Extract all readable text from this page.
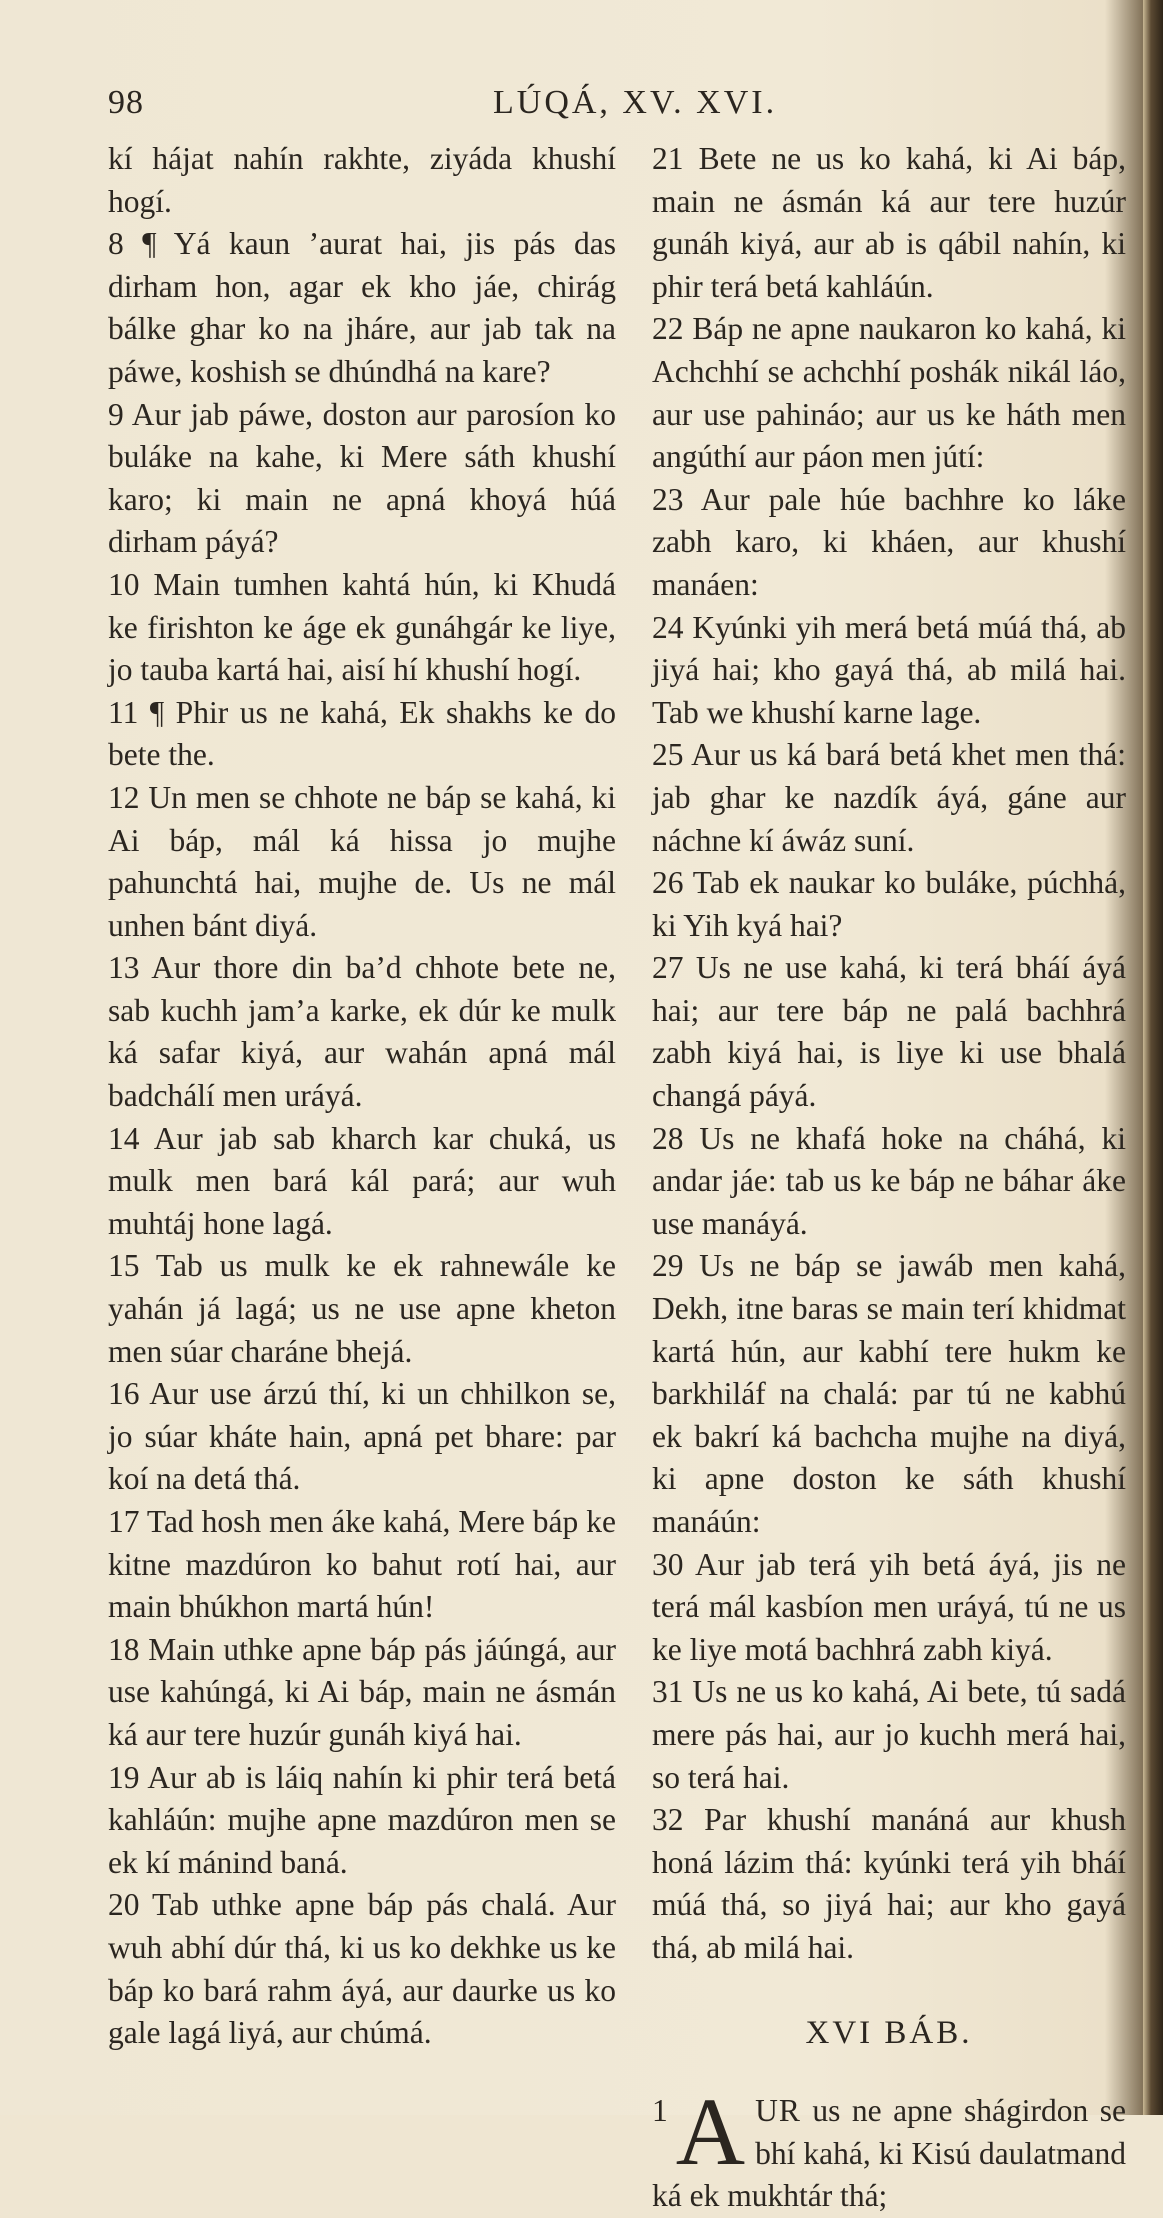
98	LÚQÁ, XV. XVI.

kí hájat nahín rakhte, ziyáda khushí hogí.

8 ¶ Yá kaun ’aurat hai, jis pás das dirham hon, agar ek kho jáe, chirág bálke ghar ko na jháre, aur jab tak na páwe, koshish se dhúndhá na kare?

9 Aur jab páwe, doston aur parosíon ko buláke na kahe, ki Mere sáth khushí karo; ki main ne apná khoyá húá dirham páyá?

10 Main tumhen kahtá hún, ki Khudá ke firishton ke áge ek gunáhgár ke liye, jo tauba kartá hai, aisí hí khushí hogí.

11 ¶ Phir us ne kahá, Ek shakhs ke do bete the.

12 Un men se chhote ne báp se kahá, ki Ai báp, mál ká hissa jo mujhe pahunchtá hai, mujhe de. Us ne mál unhen bánt diyá.

13 Aur thore din ba’d chhote bete ne, sab kuchh jam’a karke, ek dúr ke mulk ká safar kiyá, aur wahán apná mál badchálí men uráyá.

14 Aur jab sab kharch kar chuká, us mulk men bará kál pará; aur wuh muhtáj hone lagá.

15 Tab us mulk ke ek rahnewále ke yahán já lagá; us ne use apne kheton men súar charáne bhejá.

16 Aur use árzú thí, ki un chhilkon se, jo súar kháte hain, apná pet bhare: par koí na detá thá.

17 Tad hosh men áke kahá, Mere báp ke kitne mazdúron ko bahut rotí hai, aur main bhúkhon martá hún!

18 Main uthke apne báp pás jáúngá, aur use kahúngá, ki Ai báp, main ne ásmán ká aur tere huzúr gunáh kiyá hai.

19 Aur ab is láiq nahín ki phir terá betá kahláún: mujhe apne mazdúron men se ek kí mánind baná.

20 Tab uthke apne báp pás chalá. Aur wuh abhí dúr thá, ki us ko dekhke us ke báp ko bará rahm áyá, aur daurke us ko gale lagá liyá, aur chúmá.

21 Bete ne us ko kahá, ki Ai báp, main ne ásmán ká aur tere huzúr gunáh kiyá, aur ab is qábil nahín, ki phir terá betá kahláún.

22 Báp ne apne naukaron ko kahá, ki Achchhí se achchhí poshák nikál láo, aur use pahináo; aur us ke háth men angúthí aur páon men jútí:

23 Aur pale húe bachhre ko láke zabh karo, ki kháen, aur khushí manáen:

24 Kyúnki yih merá betá múá thá, ab jiyá hai; kho gayá thá, ab milá hai. Tab we khushí karne lage.

25 Aur us ká bará betá khet men thá: jab ghar ke nazdík áyá, gáne aur náchne kí áwáz suní.

26 Tab ek naukar ko buláke, púchhá, ki Yih kyá hai?

27 Us ne use kahá, ki terá bháí áyá hai; aur tere báp ne palá bachhrá zabh kiyá hai, is liye ki use bhalá changá páyá.

28 Us ne khafá hoke na cháhá, ki andar jáe: tab us ke báp ne báhar áke use manáyá.

29 Us ne báp se jawáb men kahá, Dekh, itne baras se main terí khidmat kartá hún, aur kabhí tere hukm ke barkhiláf na chalá: par tú ne kabhú ek bakrí ká bachcha mujhe na diyá, ki apne doston ke sáth khushí manáún:

30 Aur jab terá yih betá áyá, jis ne terá mál kasbíon men uráyá, tú ne us ke liye motá bachhrá zabh kiyá.

31 Us ne us ko kahá, Ai bete, tú sadá mere pás hai, aur jo kuchh merá hai, so terá hai.

32 Par khushí manáná aur khush honá lázim thá: kyúnki terá yih bháí múá thá, so jiyá hai; aur kho gayá thá, ab milá hai.

XVI BÁB.

1 A UR us ne apne shágirdon se bhí kahá, ki Kisú daulatmand ká ek mukhtár thá;
